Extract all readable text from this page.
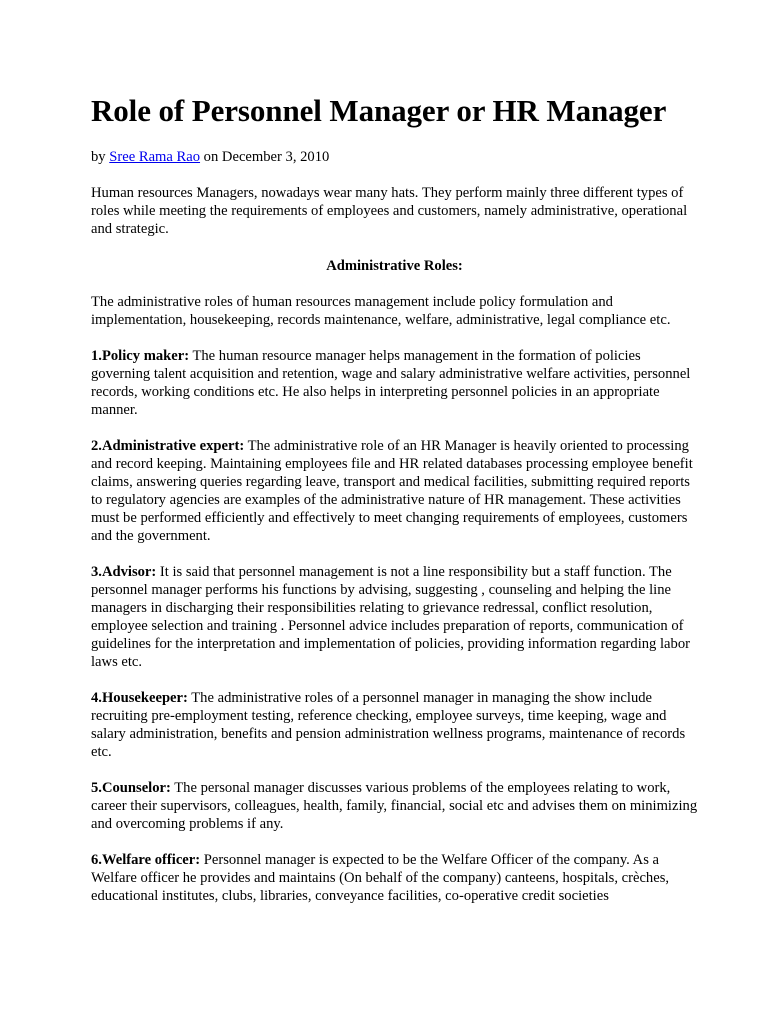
Role of Personnel Manager or HR Manager

by Sree Rama Rao on December 3, 2010

Human resources Managers, nowadays wear many hats. They perform mainly three different types of roles while meeting the requirements of employees and customers, namely administrative, operational and strategic.

Administrative Roles:

The administrative roles of human resources management include policy formulation and implementation, housekeeping, records maintenance, welfare, administrative, legal compliance etc.

1.Policy maker: The human resource manager helps management in the formation of policies governing talent acquisition and retention, wage and salary administrative welfare activities, personnel records, working conditions etc. He also helps in interpreting personnel policies in an appropriate manner.

2.Administrative expert: The administrative role of an HR Manager is heavily oriented to processing and record keeping. Maintaining employees file and HR related databases processing employee benefit claims, answering queries regarding leave, transport and medical facilities, submitting required reports to regulatory agencies are examples of the administrative nature of HR management. These activities must be performed efficiently and effectively to meet changing requirements of employees, customers and the government.

3.Advisor: It is said that personnel management is not a line responsibility but a staff function. The personnel manager performs his functions by advising, suggesting , counseling and helping the line managers in discharging their responsibilities relating to grievance redressal, conflict resolution, employee selection and training . Personnel advice includes preparation of reports, communication of guidelines for the interpretation and implementation of policies, providing information regarding labor laws etc.

4.Housekeeper: The administrative roles of a personnel manager in managing the show include recruiting pre-employment testing, reference checking, employee surveys, time keeping, wage and salary administration, benefits and pension administration wellness programs, maintenance of records etc.

5.Counselor: The personal manager discusses various problems of the employees relating to work, career their supervisors, colleagues, health, family, financial, social etc and advises them on minimizing and overcoming problems if any.

6.Welfare officer: Personnel manager is expected to be the Welfare Officer of the company. As a Welfare officer he provides and maintains (On behalf of the company) canteens, hospitals, crèches, educational institutes, clubs, libraries, conveyance facilities, co-operative credit societies
